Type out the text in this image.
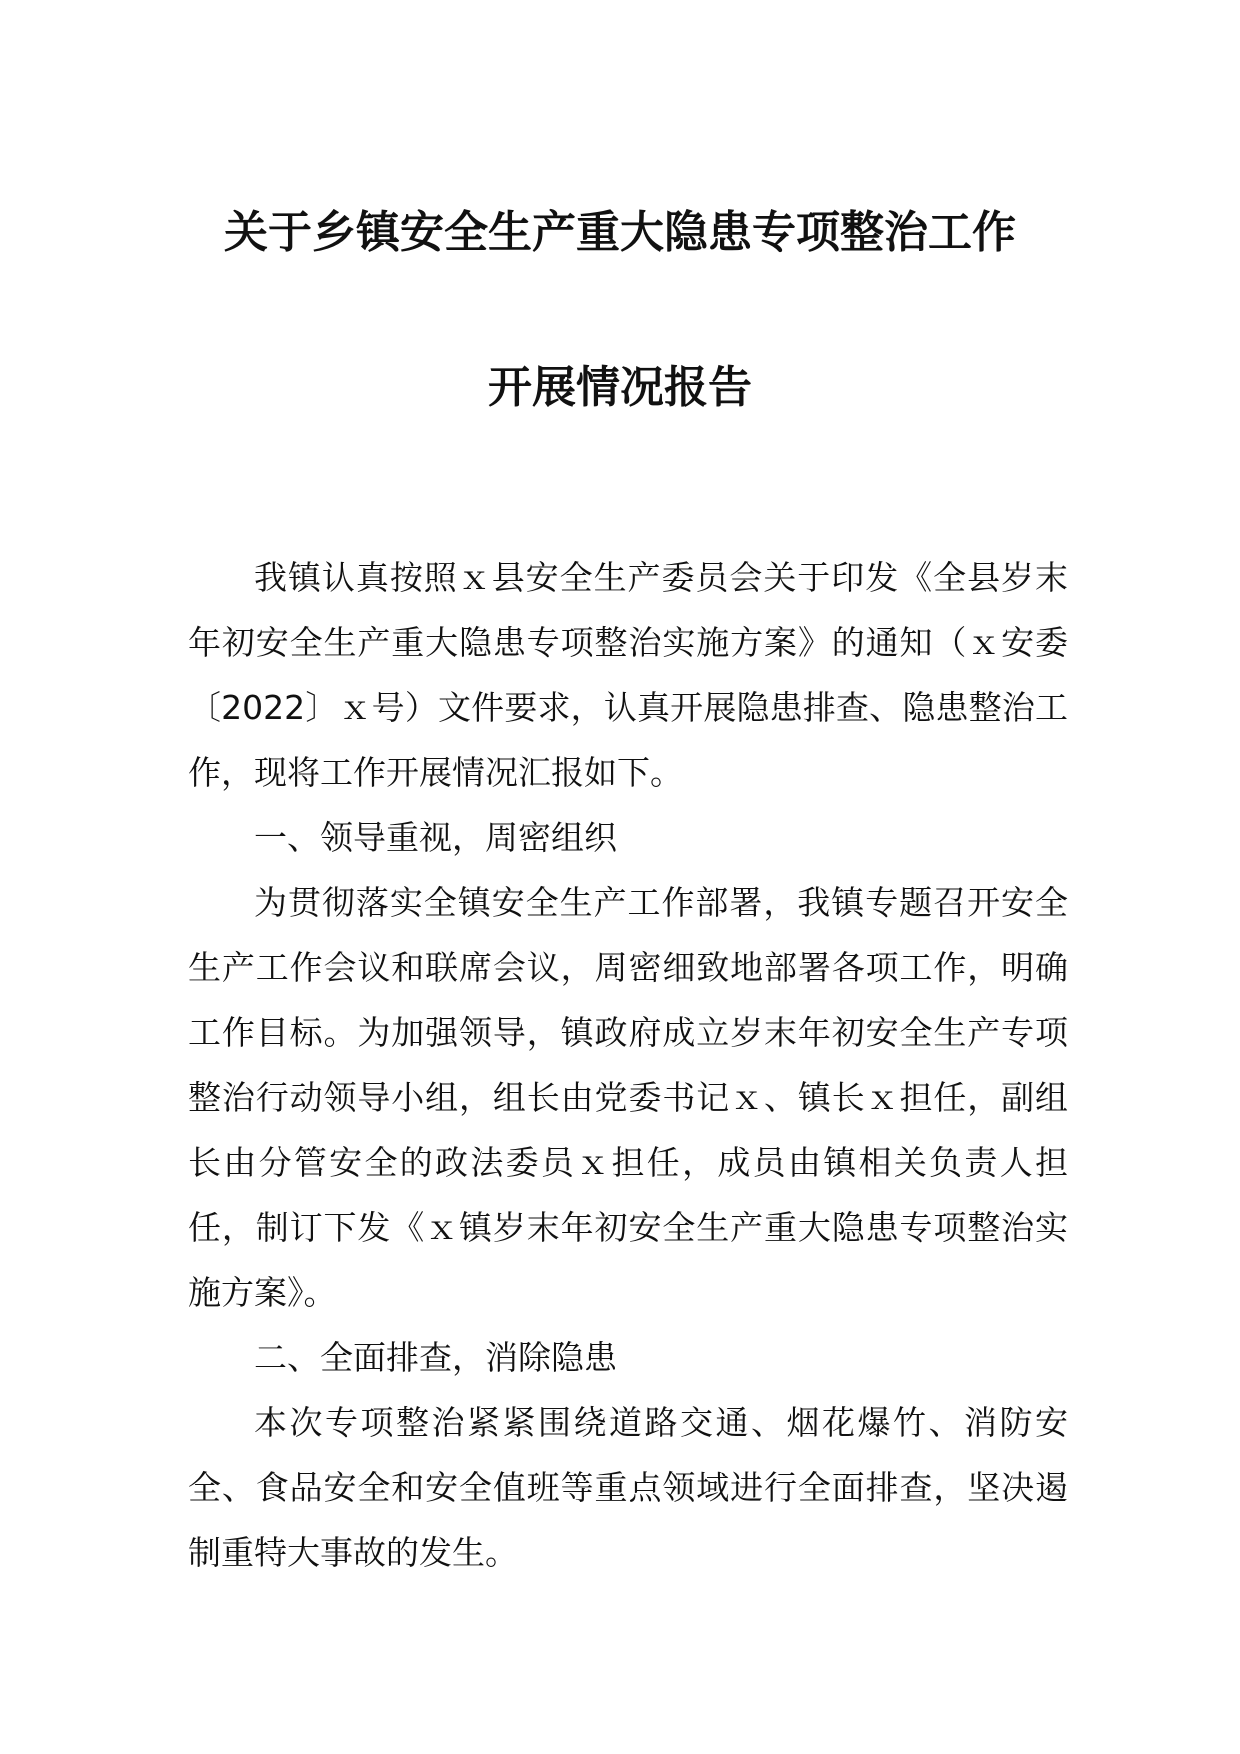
关于乡镇安全生产重大隐患专项整治工作
开展情况报告

我镇认真按照ｘ县安全生产委员会关于印发《全县岁末年初安全生产重大隐患专项整治实施方案》的通知（ｘ安委〔2022〕ｘ号）文件要求，认真开展隐患排查、隐患整治工作，现将工作开展情况汇报如下。

一、领导重视，周密组织

为贯彻落实全镇安全生产工作部署，我镇专题召开安全生产工作会议和联席会议，周密细致地部署各项工作，明确工作目标。为加强领导，镇政府成立岁末年初安全生产专项整治行动领导小组，组长由党委书记ｘ、镇长ｘ担任，副组长由分管安全的政法委员ｘ担任，成员由镇相关负责人担任，制订下发《ｘ镇岁末年初安全生产重大隐患专项整治实施方案》。

二、全面排查，消除隐患

本次专项整治紧紧围绕道路交通、烟花爆竹、消防安全、食品安全和安全值班等重点领域进行全面排查，坚决遏制重特大事故的发生。
